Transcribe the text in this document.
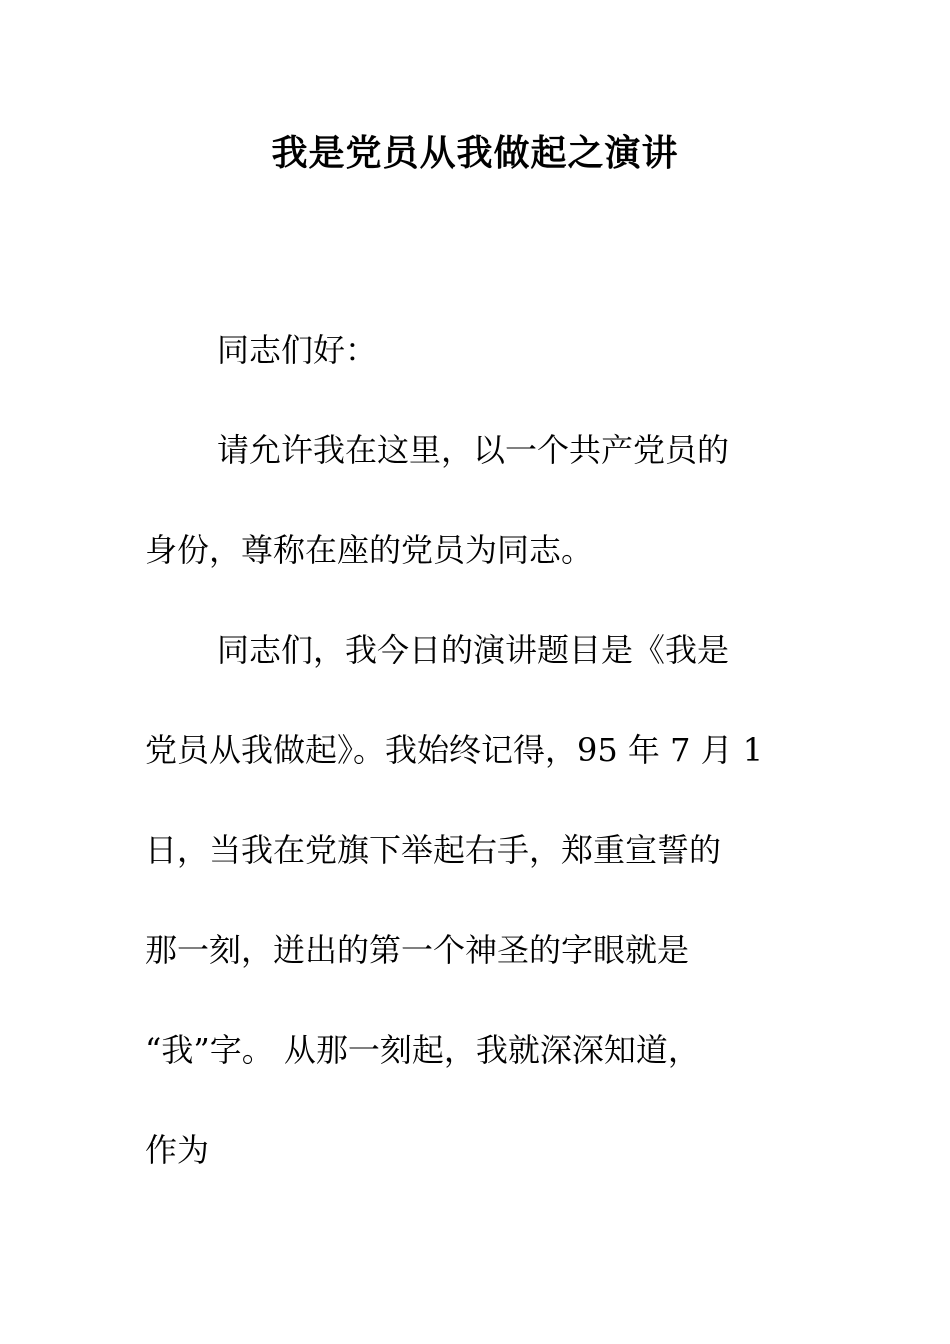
我是党员从我做起之演讲
同志们好：
请允许我在这里，以一个共产党员的
身份，尊称在座的党员为同志。
同志们，我今日的演讲题目是《我是
党员从我做起》。我始终记得，95 年 7 月 1
日，当我在党旗下举起右手，郑重宣誓的
那一刻，迸出的第一个神圣的字眼就是
“我”字。 从那一刻起，我就深深知道，
作为
